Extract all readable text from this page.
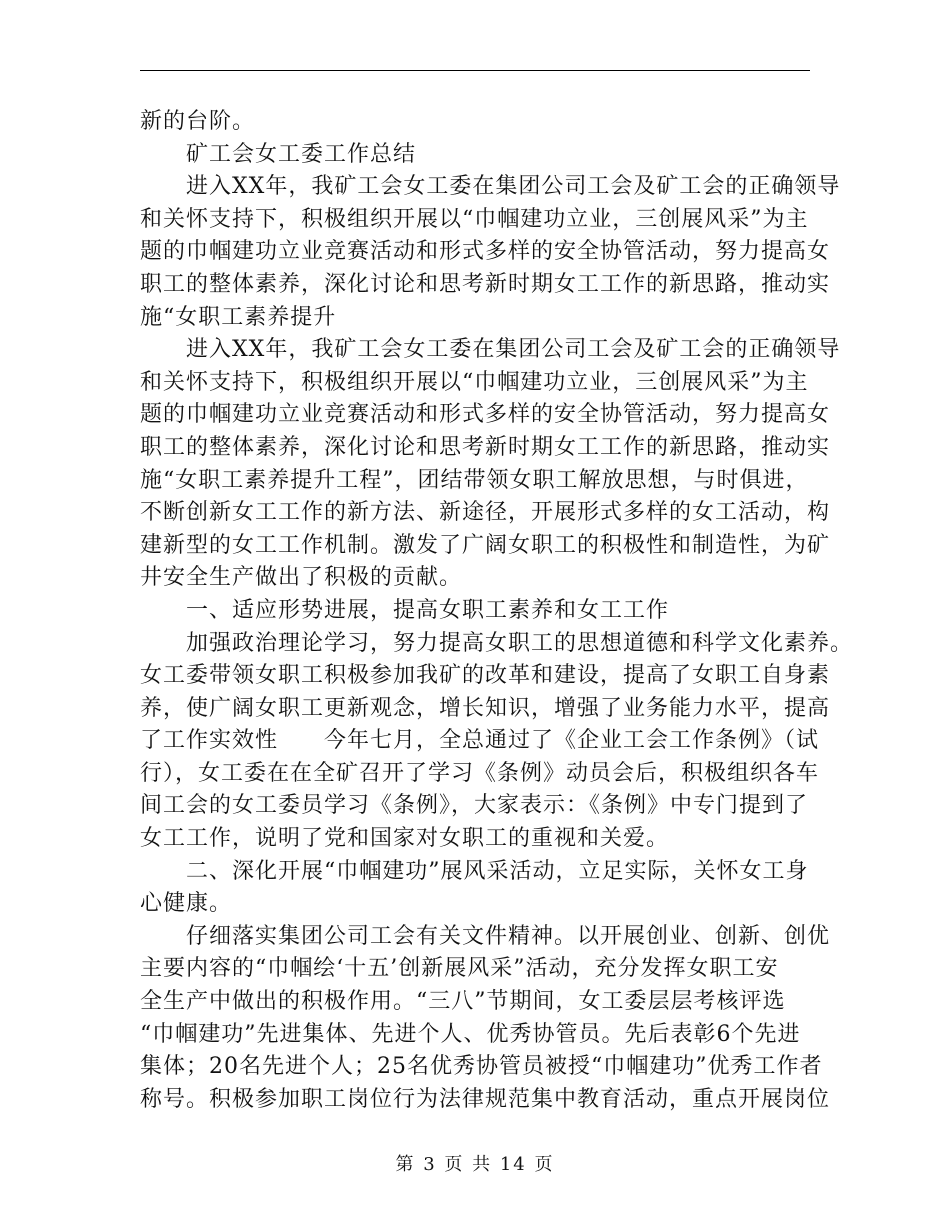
新的台阶。
矿工会女工委工作总结
进入XX年，我矿工会女工委在集团公司工会及矿工会的正确领导
和关怀支持下，积极组织开展以“巾帼建功立业，三创展风采”为主
题的巾帼建功立业竞赛活动和形式多样的安全协管活动，努力提高女
职工的整体素养，深化讨论和思考新时期女工工作的新思路，推动实
施“女职工素养提升
进入XX年，我矿工会女工委在集团公司工会及矿工会的正确领导
和关怀支持下，积极组织开展以“巾帼建功立业，三创展风采”为主
题的巾帼建功立业竞赛活动和形式多样的安全协管活动，努力提高女
职工的整体素养，深化讨论和思考新时期女工工作的新思路，推动实
施“女职工素养提升工程”，团结带领女职工解放思想，与时俱进，
不断创新女工工作的新方法、新途径，开展形式多样的女工活动，构
建新型的女工工作机制。激发了广阔女职工的积极性和制造性，为矿
井安全生产做出了积极的贡献。
一、适应形势进展，提高女职工素养和女工工作
加强政治理论学习，努力提高女职工的思想道德和科学文化素养。
女工委带领女职工积极参加我矿的改革和建设，提高了女职工自身素
养，使广阔女职工更新观念，增长知识，增强了业务能力水平，提高
了工作实效性　　今年七月，全总通过了《企业工会工作条例》（试
行），女工委在在全矿召开了学习《条例》动员会后，积极组织各车
间工会的女工委员学习《条例》，大家表示：《条例》中专门提到了
女工工作，说明了党和国家对女职工的重视和关爱。
二、深化开展“巾帼建功”展风采活动，立足实际，关怀女工身
心健康。
仔细落实集团公司工会有关文件精神。以开展创业、创新、创优
主要内容的“巾帼绘‘十五’创新展风采”活动，充分发挥女职工安
全生产中做出的积极作用。“三八”节期间，女工委层层考核评选
“巾帼建功”先进集体、先进个人、优秀协管员。先后表彰6个先进
集体；20名先进个人；25名优秀协管员被授“巾帼建功”优秀工作者
称号。积极参加职工岗位行为法律规范集中教育活动，重点开展岗位
第 3 页 共 14 页
